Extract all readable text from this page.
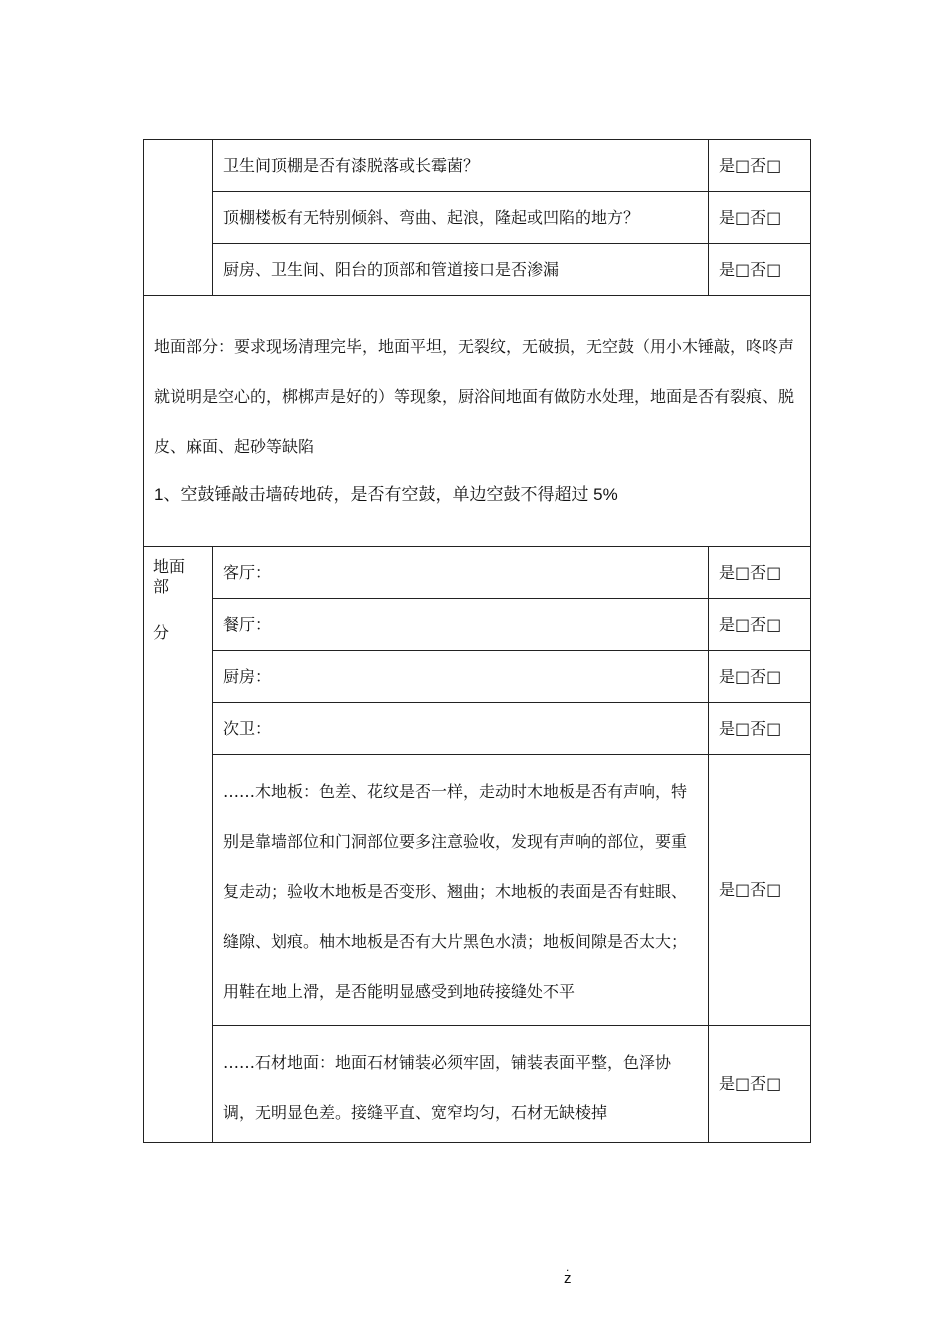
	卫生间顶棚是否有漆脱落或长霉菌？	是□否□
	顶棚楼板有无特别倾斜、弯曲、起浪，隆起或凹陷的地方？	是□否□
	厨房、卫生间、阳台的顶部和管道接口是否渗漏	是□否□

地面部分：要求现场清理完毕，地面平坦，无裂纹，无破损，无空鼓（用小木锤敲，咚咚声就说明是空心的，梆梆声是好的）等现象，厨浴间地面有做防水处理，地面是否有裂痕、脱皮、麻面、起砂等缺陷
1、空鼓锤敲击墙砖地砖，是否有空鼓，单边空鼓不得超过 5%		

地面
部
分	客厅：	是□否□
	餐厅：	是□否□
	厨房：	是□否□
	次卫：	是□否□
	……木地板：色差、花纹是否一样，走动时木地板是否有声响，特别是靠墙部位和门洞部位要多注意验收，发现有声响的部位，要重复走动；验收木地板是否变形、翘曲；木地板的表面是否有蛀眼、缝隙、划痕。柚木地板是否有大片黑色水渍；地板间隙是否太大；用鞋在地上滑，是否能明显感受到地砖接缝处不平	是□否□
	……石材地面：地面石材铺装必须牢固，铺装表面平整，色泽协调，无明显色差。接缝平直、宽窄均匀，石材无缺棱掉	是□否□
.
z
